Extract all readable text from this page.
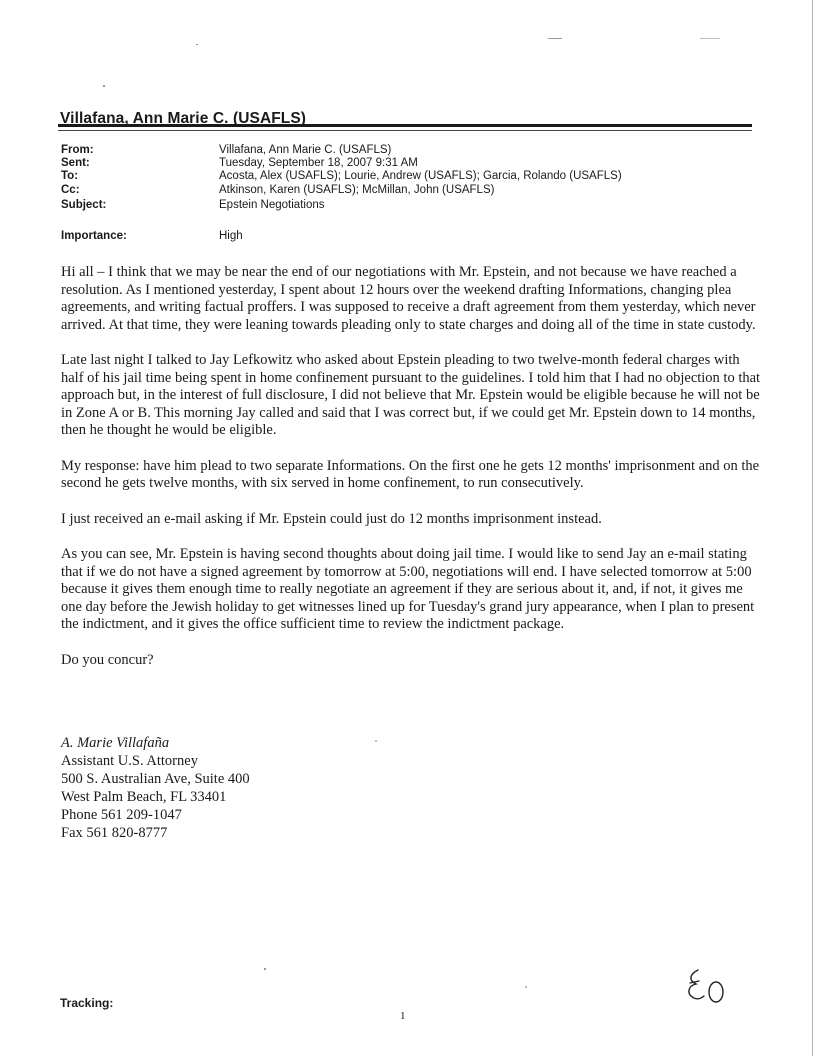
Villafana, Ann Marie C. (USAFLS)
From:	Villafana, Ann Marie C. (USAFLS)
Sent:	Tuesday, September 18, 2007 9:31 AM
To:	Acosta, Alex (USAFLS); Lourie, Andrew (USAFLS); Garcia, Rolando (USAFLS)
Cc:	Atkinson, Karen (USAFLS); McMillan, John (USAFLS)
Subject:	Epstein Negotiations
Importance:	High

Hi all – I think that we may be near the end of our negotiations with Mr. Epstein, and not because we have reached a resolution. As I mentioned yesterday, I spent about 12 hours over the weekend drafting Informations, changing plea agreements, and writing factual proffers. I was supposed to receive a draft agreement from them yesterday, which never arrived. At that time, they were leaning towards pleading only to state charges and doing all of the time in state custody.

Late last night I talked to Jay Lefkowitz who asked about Epstein pleading to two twelve-month federal charges with half of his jail time being spent in home confinement pursuant to the guidelines. I told him that I had no objection to that approach but, in the interest of full disclosure, I did not believe that Mr. Epstein would be eligible because he will not be in Zone A or B. This morning Jay called and said that I was correct but, if we could get Mr. Epstein down to 14 months, then he thought he would be eligible.

My response: have him plead to two separate Informations. On the first one he gets 12 months' imprisonment and on the second he gets twelve months, with six served in home confinement, to run consecutively.

I just received an e-mail asking if Mr. Epstein could just do 12 months imprisonment instead.

As you can see, Mr. Epstein is having second thoughts about doing jail time. I would like to send Jay an e-mail stating that if we do not have a signed agreement by tomorrow at 5:00, negotiations will end. I have selected tomorrow at 5:00 because it gives them enough time to really negotiate an agreement if they are serious about it, and, if not, it gives me one day before the Jewish holiday to get witnesses lined up for Tuesday's grand jury appearance, when I plan to present the indictment, and it gives the office sufficient time to review the indictment package.

Do you concur?

A. Marie Villafaña
Assistant U.S. Attorney
500 S. Australian Ave, Suite 400
West Palm Beach, FL 33401
Phone 561 209-1047
Fax 561 820-8777
Tracking:
1
